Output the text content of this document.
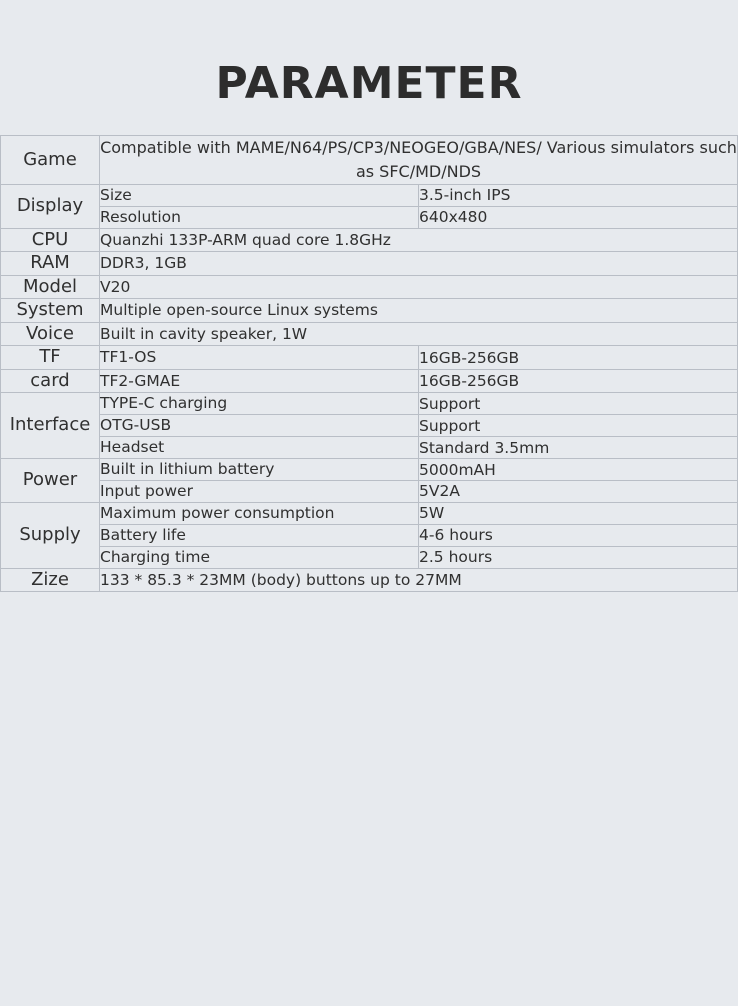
PARAMETER
Game	Compatible with MAME/N64/PS/CP3/NEOGEO/GBA/NES/ Various simulators such as SFC/MD/NDS	
Display	Size	3.5-inch IPS
	Resolution	640x480
CPU	Quanzhi 133P-ARM quad core 1.8GHz	
RAM	DDR3, 1GB	
Model	V20	
System	Multiple open-source Linux systems	
Voice	Built in cavity speaker, 1W	
TF	TF1-OS	16GB-256GB
card	TF2-GMAE	16GB-256GB
Interface	TYPE-C charging	Support
	OTG-USB	Support
	Headset	Standard 3.5mm
Power	Built in lithium battery	5000mAH
	Input power	5V2A
Supply	Maximum power consumption	5W
	Battery life	4-6 hours
	Charging time	2.5 hours
Zize	133 * 85.3 * 23MM (body) buttons up to 27MM	
